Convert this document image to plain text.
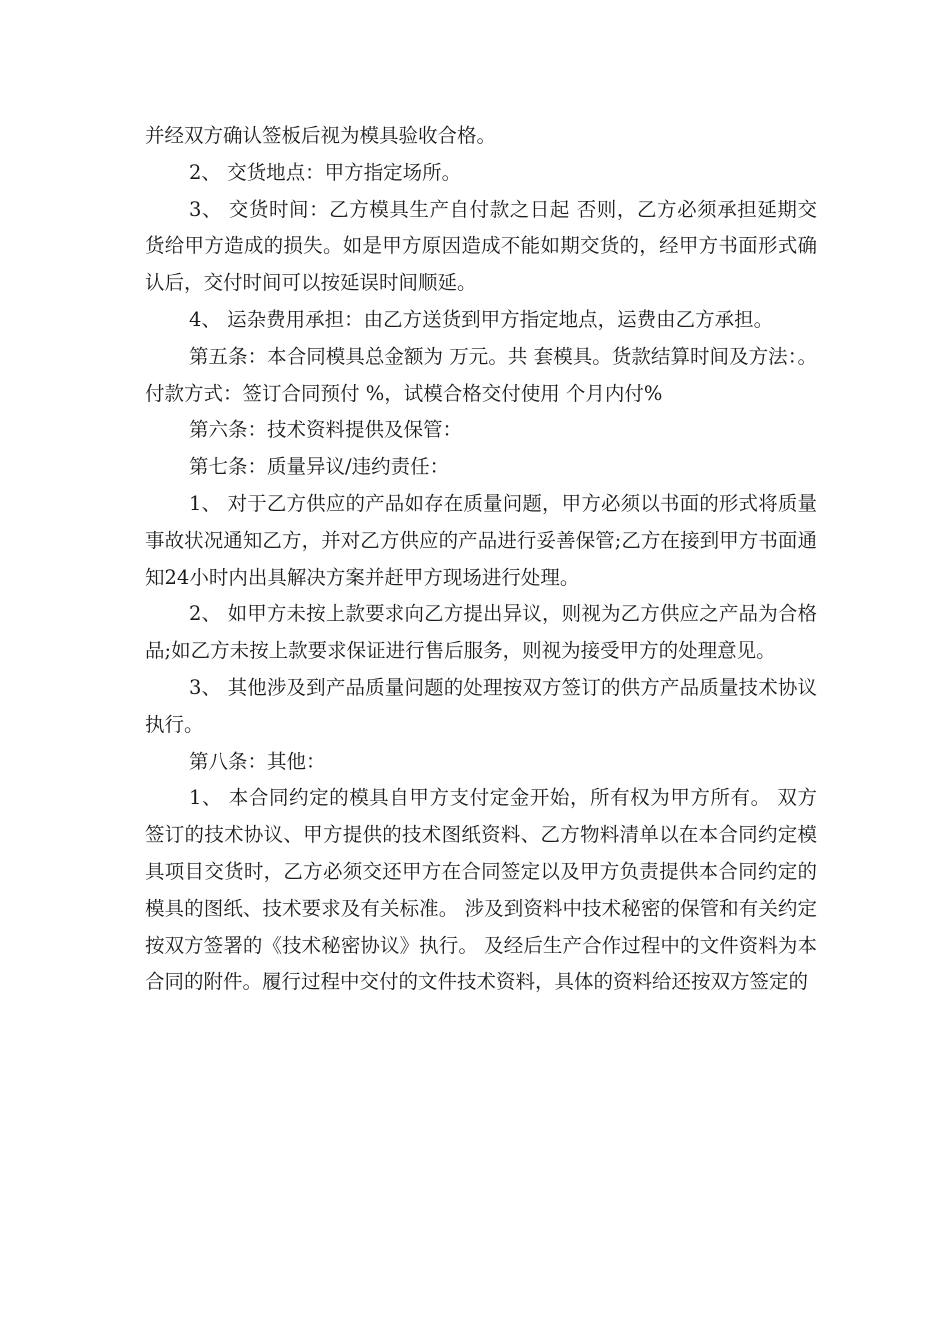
并经双方确认签板后视为模具验收合格。

2、 交货地点：甲方指定场所。

3、 交货时间：乙方模具生产自付款之日起 否则，乙方必须承担延期交货给甲方造成的损失。如是甲方原因造成不能如期交货的，经甲方书面形式确认后，交付时间可以按延误时间顺延。

4、 运杂费用承担：由乙方送货到甲方指定地点，运费由乙方承担。

第五条：本合同模具总金额为 万元。共 套模具。货款结算时间及方法：。付款方式：签订合同预付 %，试模合格交付使用 个月内付%

第六条：技术资料提供及保管：

第七条：质量异议/违约责任：

1、 对于乙方供应的产品如存在质量问题，甲方必须以书面的形式将质量事故状况通知乙方，并对乙方供应的产品进行妥善保管;乙方在接到甲方书面通知24小时内出具解决方案并赶甲方现场进行处理。

2、 如甲方未按上款要求向乙方提出异议，则视为乙方供应之产品为合格品;如乙方未按上款要求保证进行售后服务，则视为接受甲方的处理意见。

3、 其他涉及到产品质量问题的处理按双方签订的供方产品质量技术协议执行。

第八条：其他：

1、 本合同约定的模具自甲方支付定金开始，所有权为甲方所有。 双方签订的技术协议、甲方提供的技术图纸资料、乙方物料清单以在本合同约定模具项目交货时，乙方必须交还甲方在合同签定以及甲方负责提供本合同约定的模具的图纸、技术要求及有关标准。 涉及到资料中技术秘密的保管和有关约定按双方签署的《技术秘密协议》执行。 及经后生产合作过程中的文件资料为本合同的附件。履行过程中交付的文件技术资料，具体的资料给还按双方签定的
